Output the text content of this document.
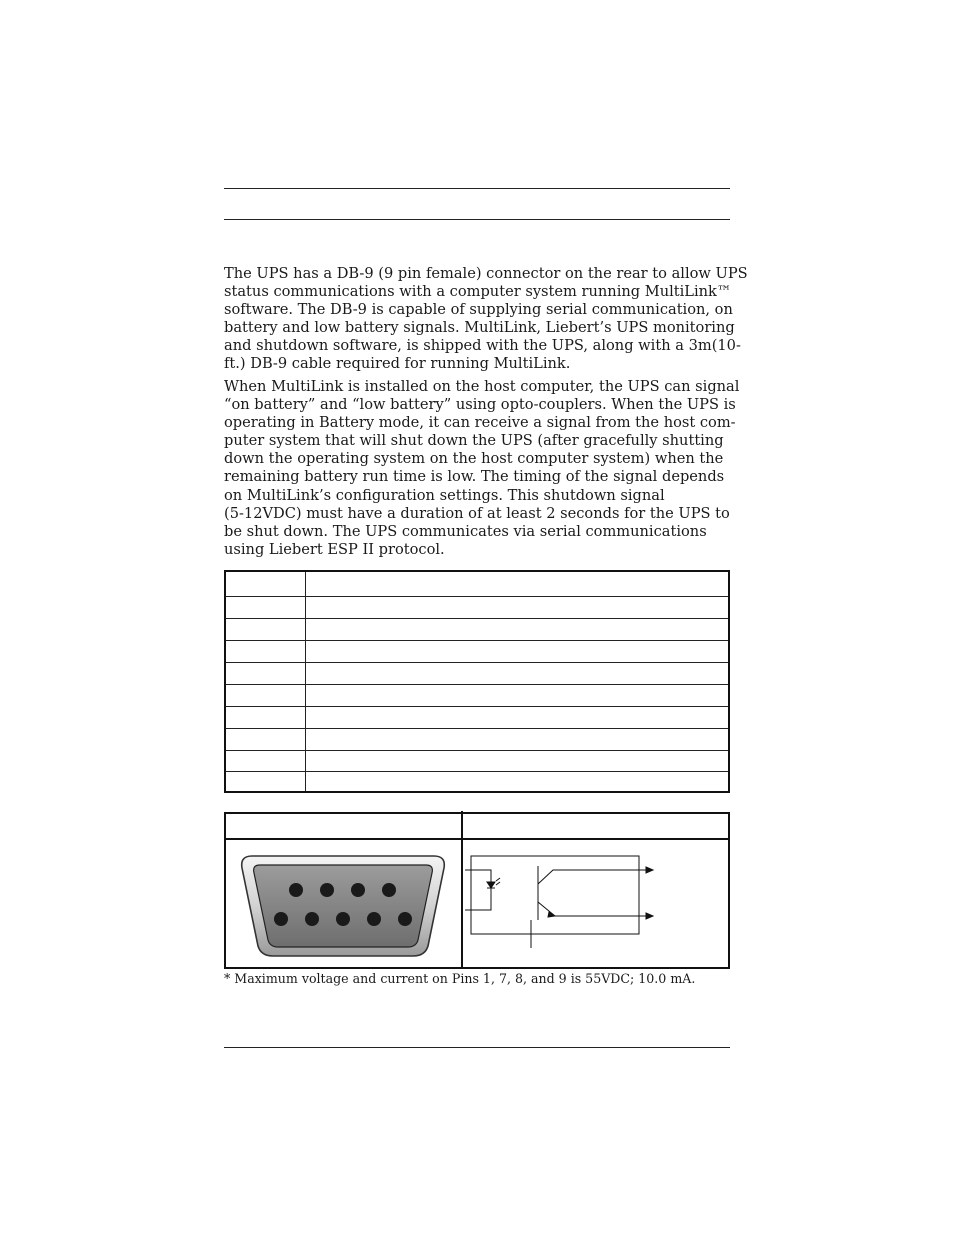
The UPS has a DB-9 (9 pin female) connector on the rear to allow UPS
status communications with a computer system running MultiLink™
software. The DB-9 is capable of supplying serial communication, on
battery and low battery signals. MultiLink, Liebert’s UPS monitoring
and shutdown software, is shipped with the UPS, along with a 3m(10-
ft.) DB-9 cable required for running MultiLink.
When MultiLink is installed on the host computer, the UPS can signal
“on battery” and “low battery” using opto-couplers. When the UPS is
operating in Battery mode, it can receive a signal from the host com-
puter system that will shut down the UPS (after gracefully shutting
down the operating system on the host computer system) when the
remaining battery run time is low. The timing of the signal depends
on MultiLink’s configuration settings. This shutdown signal
(5-12VDC) must have a duration of at least 2 seconds for the UPS to
be shut down. The UPS communicates via serial communications
using Liebert ESP II protocol.
* Maximum voltage and current on Pins 1, 7, 8, and 9 is 55VDC; 10.0 mA.
